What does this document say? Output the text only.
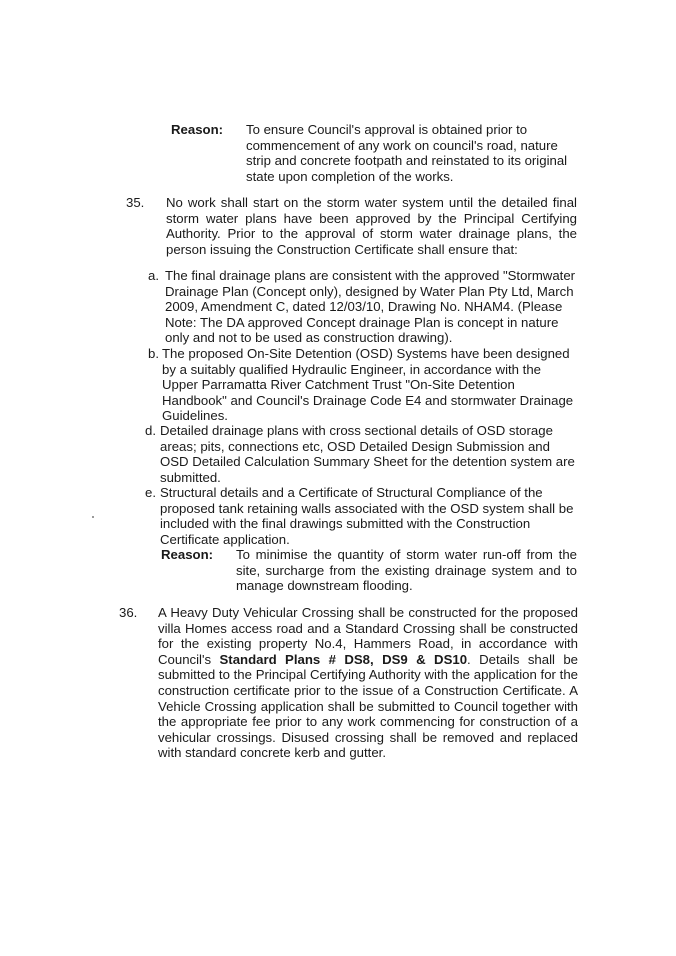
Reason: To ensure Council's approval is obtained prior to commencement of any work on council's road, nature strip and concrete footpath and reinstated to its original state upon completion of the works.
35. No work shall start on the storm water system until the detailed final storm water plans have been approved by the Principal Certifying Authority. Prior to the approval of storm water drainage plans, the person issuing the Construction Certificate shall ensure that:
a. The final drainage plans are consistent with the approved "Stormwater Drainage Plan (Concept only), designed by Water Plan Pty Ltd, March 2009, Amendment C, dated 12/03/10, Drawing No. NHAM4. (Please Note: The DA approved Concept drainage Plan is concept in nature only and not to be used as construction drawing).
b. The proposed On-Site Detention (OSD) Systems have been designed by a suitably qualified Hydraulic Engineer, in accordance with the Upper Parramatta River Catchment Trust "On-Site Detention Handbook" and Council's Drainage Code E4 and stormwater Drainage Guidelines.
d. Detailed drainage plans with cross sectional details of OSD storage areas; pits, connections etc, OSD Detailed Design Submission and OSD Detailed Calculation Summary Sheet for the detention system are submitted.
e. Structural details and a Certificate of Structural Compliance of the proposed tank retaining walls associated with the OSD system shall be included with the final drawings submitted with the Construction Certificate application.
Reason: To minimise the quantity of storm water run-off from the site, surcharge from the existing drainage system and to manage downstream flooding.
36. A Heavy Duty Vehicular Crossing shall be constructed for the proposed villa Homes access road and a Standard Crossing shall be constructed for the existing property No.4, Hammers Road, in accordance with Council's Standard Plans # DS8, DS9 & DS10. Details shall be submitted to the Principal Certifying Authority with the application for the construction certificate prior to the issue of a Construction Certificate. A Vehicle Crossing application shall be submitted to Council together with the appropriate fee prior to any work commencing for construction of a vehicular crossings. Disused crossing shall be removed and replaced with standard concrete kerb and gutter.
